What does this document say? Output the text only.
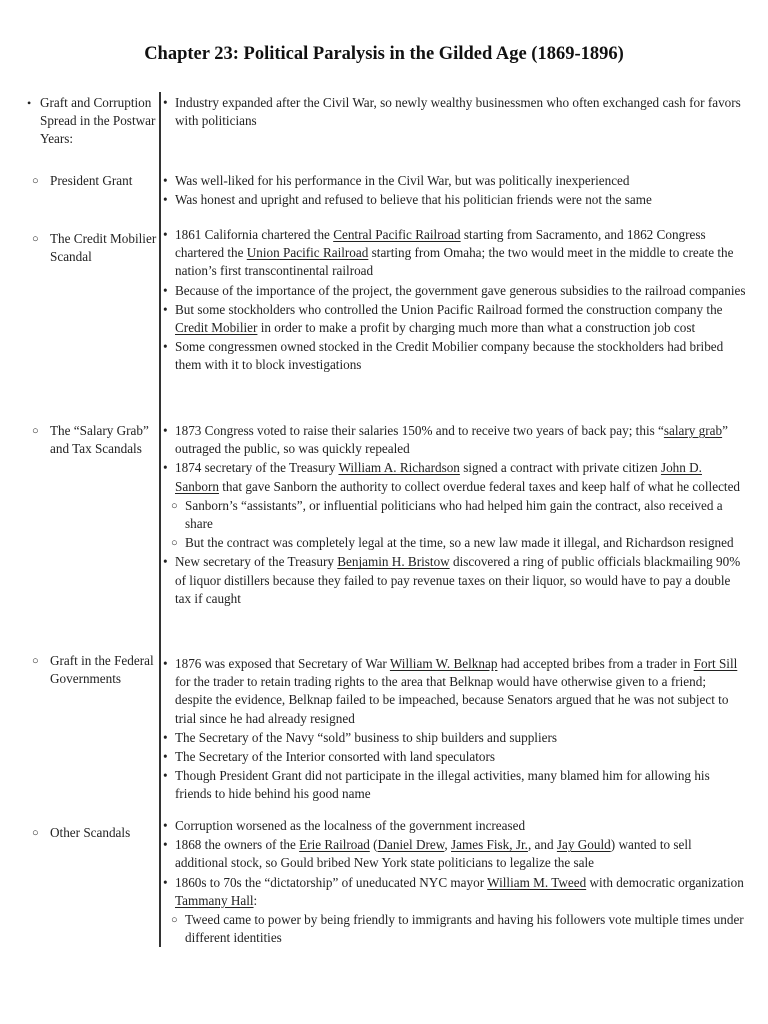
Chapter 23: Political Paralysis in the Gilded Age (1869-1896)
• Graft and Corruption Spread in the Postwar Years:
• Industry expanded after the Civil War, so newly wealthy businessmen who often exchanged cash for favors with politicians
○ President Grant	• Was well-liked for his performance in the Civil War, but was politically inexperienced
• Was honest and upright and refused to believe that his politician friends were not the same
○ The Credit Mobilier Scandal
• 1861 California chartered the Central Pacific Railroad starting from Sacramento, and 1862 Congress chartered the Union Pacific Railroad starting from Omaha; the two would meet in the middle to create the nation’s first transcontinental railroad
• Because of the importance of the project, the government gave generous subsidies to the railroad companies
• But some stockholders who controlled the Union Pacific Railroad formed the construction company the Credit Mobilier in order to make a profit by charging much more than what a construction job cost
• Some congressmen owned stocked in the Credit Mobilier company because the stockholders had bribed them with it to block investigations
○ The “Salary Grab” and Tax Scandals
• 1873 Congress voted to raise their salaries 150% and to receive two years of back pay; this “salary grab” outraged the public, so was quickly repealed
• 1874 secretary of the Treasury William A. Richardson signed a contract with private citizen John D. Sanborn that gave Sanborn the authority to collect overdue federal taxes and keep half of what he collected
○ Sanborn’s “assistants”, or influential politicians who had helped him gain the contract, also received a share
○ But the contract was completely legal at the time, so a new law made it illegal, and Richardson resigned
• New secretary of the Treasury Benjamin H. Bristow discovered a ring of public officials blackmailing 90% of liquor distillers because they failed to pay revenue taxes on their liquor, so would have to pay a double tax if caught
○ Graft in the Federal Governments
• 1876 was exposed that Secretary of War William W. Belknap had accepted bribes from a trader in Fort Sill for the trader to retain trading rights to the area that Belknap would have otherwise given to a friend; despite the evidence, Belknap failed to be impeached, because Senators argued that he was not subject to trial since he had already resigned
• The Secretary of the Navy “sold” business to ship builders and suppliers
• The Secretary of the Interior consorted with land speculators
• Though President Grant did not participate in the illegal activities, many blamed him for allowing his friends to hide behind his good name
○ Other Scandals	• Corruption worsened as the localness of the government increased
• 1868 the owners of the Erie Railroad (Daniel Drew, James Fisk, Jr., and Jay Gould) wanted to sell additional stock, so Gould bribed New York state politicians to legalize the sale
• 1860s to 70s the “dictatorship” of uneducated NYC mayor William M. Tweed with democratic organization Tammany Hall:
○ Tweed came to power by being friendly to immigrants and having his followers vote multiple times under different identities
